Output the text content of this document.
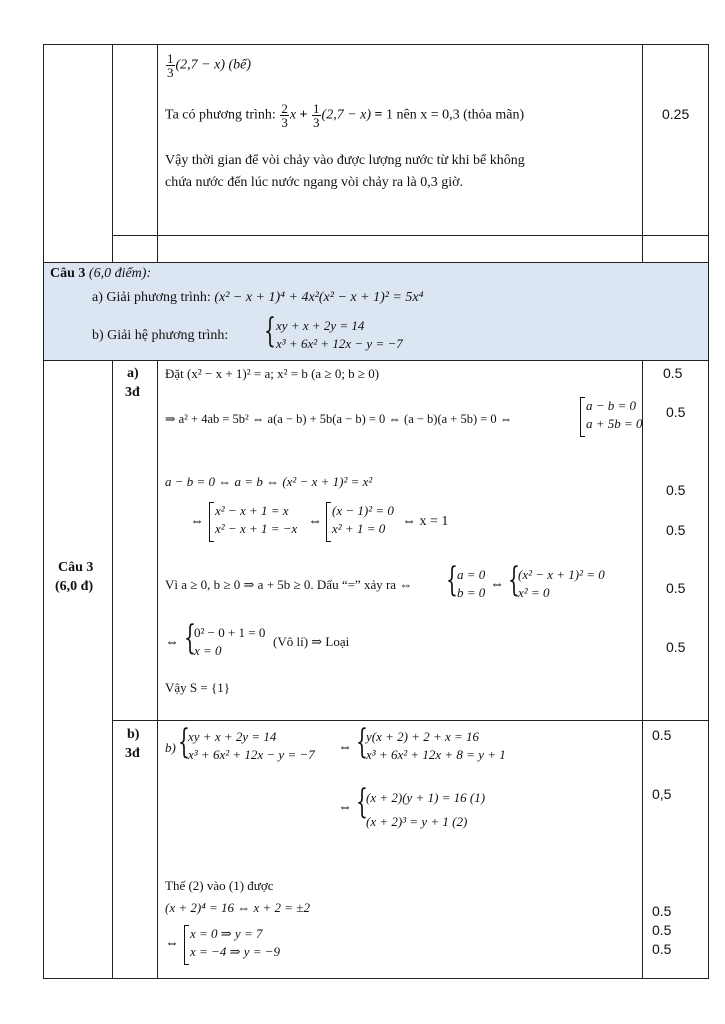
$\frac{1}{3} (2,7 - x)$ (bể)
Ta có phương trình: $\frac{2}{3}$ $x + \frac{1}{3} (2,7 - x) = 1$ nên x = 0,3 (thỏa mãn)
Vậy thời gian để vòi chảy vào được lượng nước từ khi bể không
chứa nước đến lúc nước ngang vòi chảy ra là 0,3 giờ.
0.25
Câu 3 (6,0 điểm):
a) Giải phương trình: (x² − x + 1)⁴ + 4x²(x² − x + 1)² = 5x⁴
b) Giải hệ phương trình: { xy + x + 2y = 14
x³ + 6x² + 12x − y = −7
Câu 3
(6,0 đ)
a)
3đ
Đặt (x² − x + 1)² = a; x² = b (a ≥ 0; b ≥ 0)
⇒ a² + 4ab = 5b² ⇔ a(a − b) + 5b(a − b) = 0 ⇔ (a − b)(a + 5b) = 0 ⇔
a − b = 0
a + 5b = 0
a − b = 0 ⇔ a = b ⇔ (x² − x + 1)² = x²
⇔
x² − x + 1 = x
x² − x + 1 = −x ⇔
(x − 1)² = 0
x² + 1 = 0	⇔ x = 1
Vì a ≥ 0, b ≥ 0 ⇒ a + 5b ≥ 0. Dấu “=” xảy ra ⇔ { a = 0
b = 0
⇔ {
(x² − x + 1)² = 0
x² = 0
⇔ {
0² − 0 + 1 = 0
x = 0
(Vô lí) ⇒ Loại
Vậy S = {1}
0.5
0.5
0.5
0.5
0.5
0.5
b)
3đ b) {
xy + x + 2y = 14
x³ + 6x² + 12x − y = −7 ⇔ {
y(x + 2) + 2 + x = 16
x³ + 6x² + 12x + 8 = y + 1
⇔ {
(x + 2)(y + 1) = 16 (1)
(x + 2)³ = y + 1 (2)
Thế (2) vào (1) được
(x + 2)⁴ = 16 ⇔ x + 2 = ±2
⇔
x = 0 ⇒ y = 7
x = −4 ⇒ y = −9
0.5
0,5
0.5
0.5
0.5
